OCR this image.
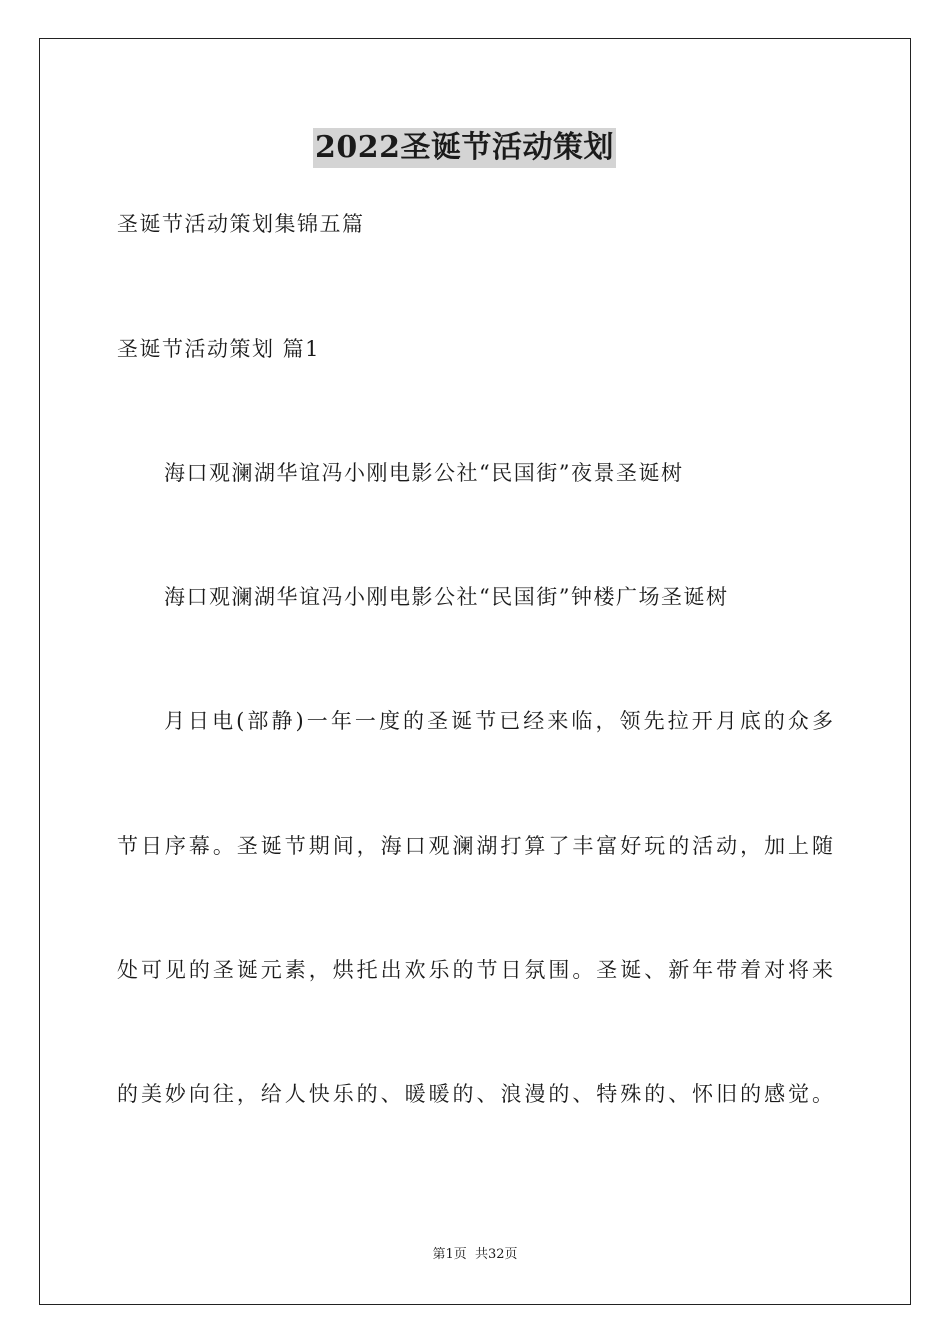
2022圣诞节活动策划
圣诞节活动策划集锦五篇
圣诞节活动策划 篇1
海口观澜湖华谊冯小刚电影公社“民国街”夜景圣诞树
海口观澜湖华谊冯小刚电影公社“民国街”钟楼广场圣诞树
月日电(部静)一年一度的圣诞节已经来临，领先拉开月底的众多
节日序幕。圣诞节期间，海口观澜湖打算了丰富好玩的活动，加上随
处可见的圣诞元素，烘托出欢乐的节日氛围。圣诞、新年带着对将来
的美妙向往，给人快乐的、暖暖的、浪漫的、特殊的、怀旧的感觉。
第1页  共32页
